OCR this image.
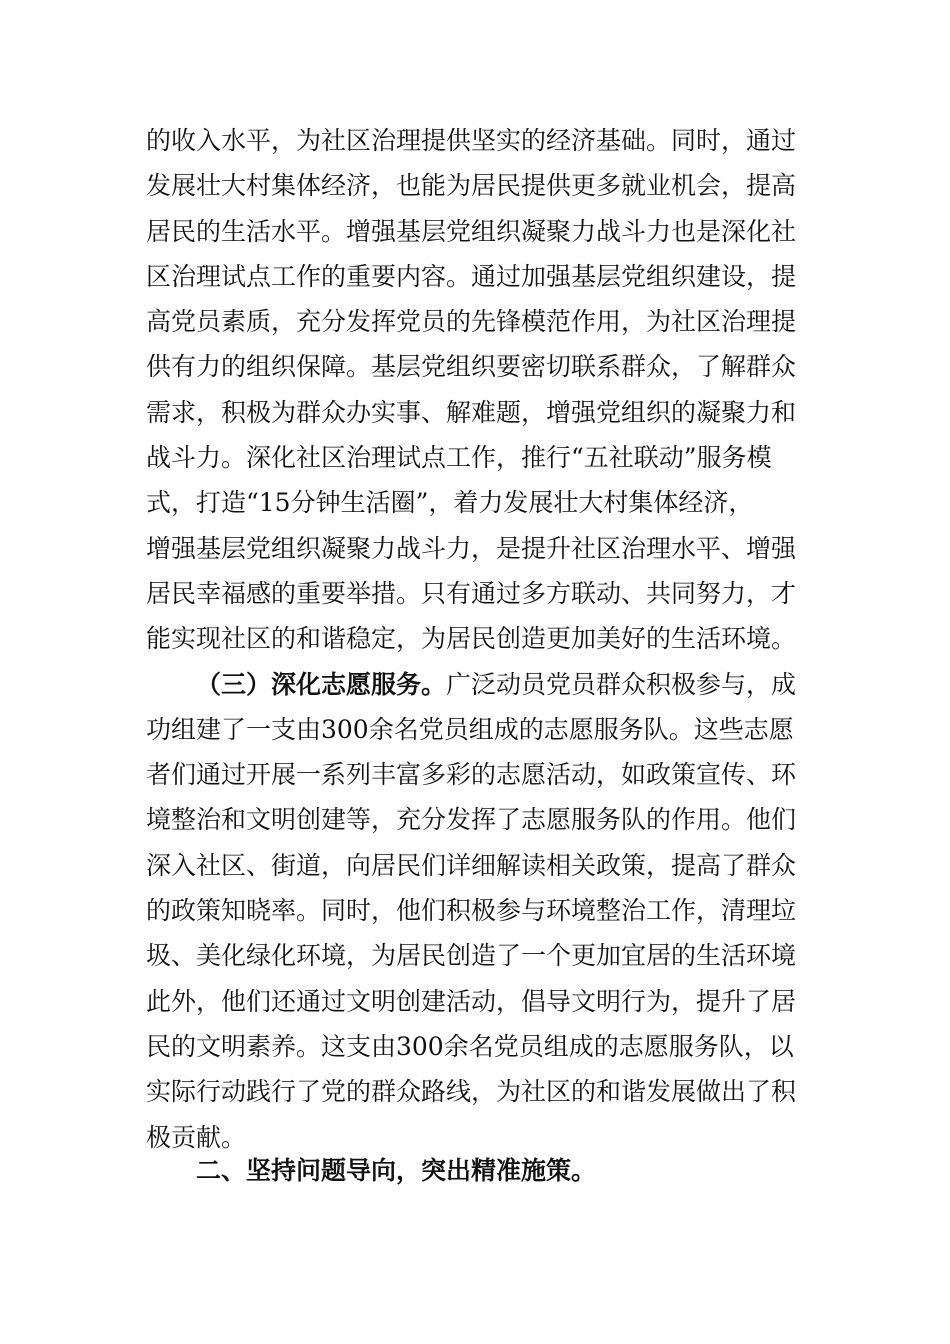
的收入水平，为社区治理提供坚实的经济基础。同时，通过
发展壮大村集体经济，也能为居民提供更多就业机会，提高
居民的生活水平。增强基层党组织凝聚力战斗力也是深化社
区治理试点工作的重要内容。通过加强基层党组织建设，提
高党员素质，充分发挥党员的先锋模范作用，为社区治理提
供有力的组织保障。基层党组织要密切联系群众，了解群众
需求，积极为群众办实事、解难题，增强党组织的凝聚力和
战斗力。深化社区治理试点工作，推行“五社联动”服务模
式，打造“15分钟生活圈”，着力发展壮大村集体经济，
增强基层党组织凝聚力战斗力，是提升社区治理水平、增强
居民幸福感的重要举措。只有通过多方联动、共同努力，才
能实现社区的和谐稳定，为居民创造更加美好的生活环境。
（三）深化志愿服务。广泛动员党员群众积极参与，成
功组建了一支由300余名党员组成的志愿服务队。这些志愿
者们通过开展一系列丰富多彩的志愿活动，如政策宣传、环
境整治和文明创建等，充分发挥了志愿服务队的作用。他们
深入社区、街道，向居民们详细解读相关政策，提高了群众
的政策知晓率。同时，他们积极参与环境整治工作，清理垃
圾、美化绿化环境，为居民创造了一个更加宜居的生活环境
此外，他们还通过文明创建活动，倡导文明行为，提升了居
民的文明素养。这支由300余名党员组成的志愿服务队，以
实际行动践行了党的群众路线，为社区的和谐发展做出了积
极贡献。
二、坚持问题导向，突出精准施策。
